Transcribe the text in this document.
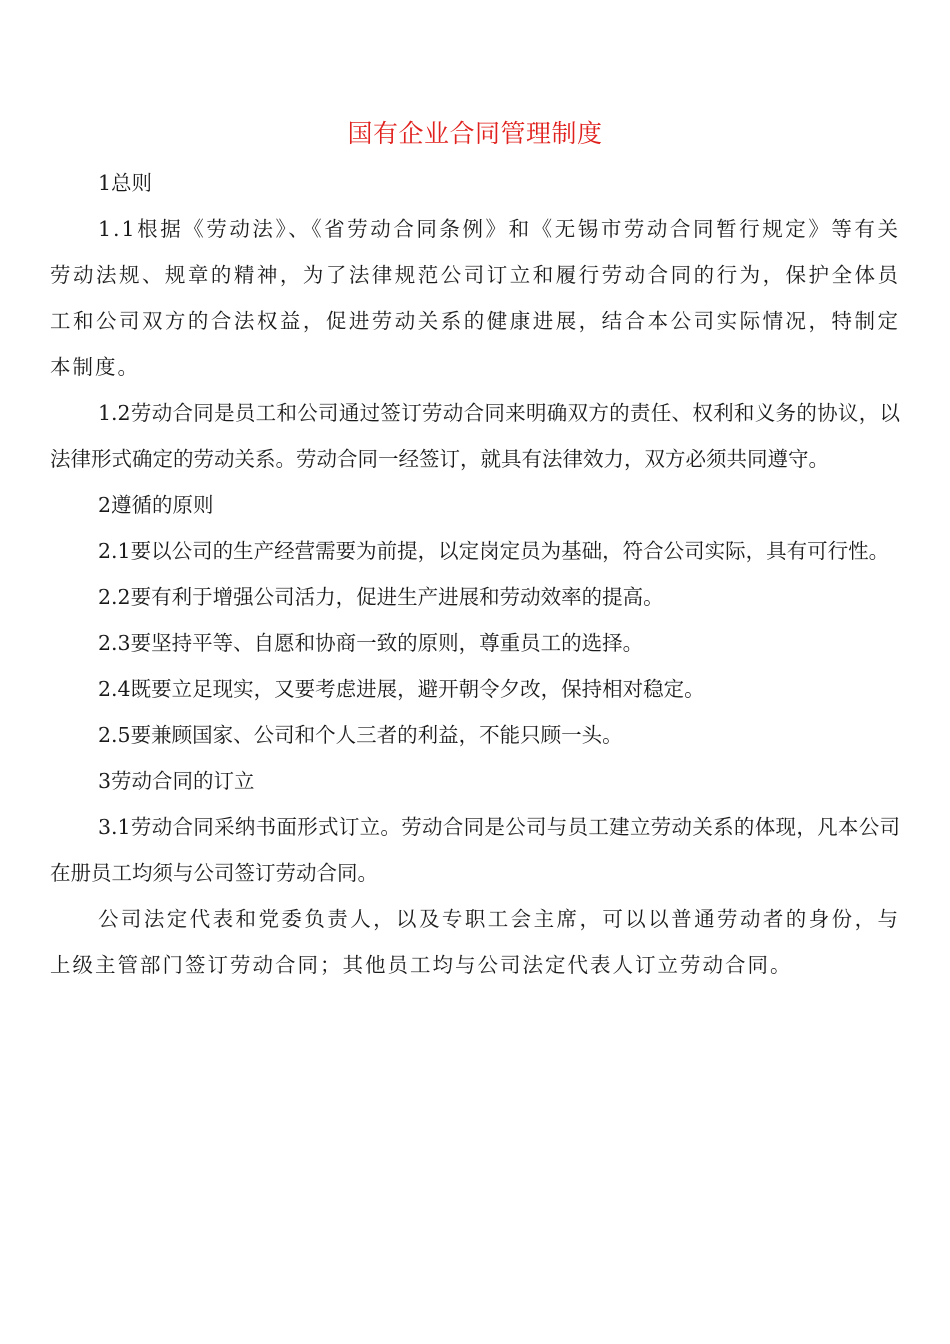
国有企业合同管理制度

1总则

1.1根据《劳动法》、《省劳动合同条例》和《无锡市劳动合同暂行规定》等有关劳动法规、规章的精神，为了法律规范公司订立和履行劳动合同的行为，保护全体员工和公司双方的合法权益，促进劳动关系的健康进展，结合本公司实际情况，特制定本制度。

1.2劳动合同是员工和公司通过签订劳动合同来明确双方的责任、权利和义务的协议，以法律形式确定的劳动关系。劳动合同一经签订，就具有法律效力，双方必须共同遵守。

2遵循的原则

2.1要以公司的生产经营需要为前提，以定岗定员为基础，符合公司实际，具有可行性。

2.2要有利于增强公司活力，促进生产进展和劳动效率的提高。

2.3要坚持平等、自愿和协商一致的原则，尊重员工的选择。

2.4既要立足现实，又要考虑进展，避开朝令夕改，保持相对稳定。

2.5要兼顾国家、公司和个人三者的利益，不能只顾一头。

3劳动合同的订立

3.1劳动合同采纳书面形式订立。劳动合同是公司与员工建立劳动关系的体现，凡本公司在册员工均须与公司签订劳动合同。

公司法定代表和党委负责人，以及专职工会主席，可以以普通劳动者的身份，与上级主管部门签订劳动合同；其他员工均与公司法定代表人订立劳动合同。
